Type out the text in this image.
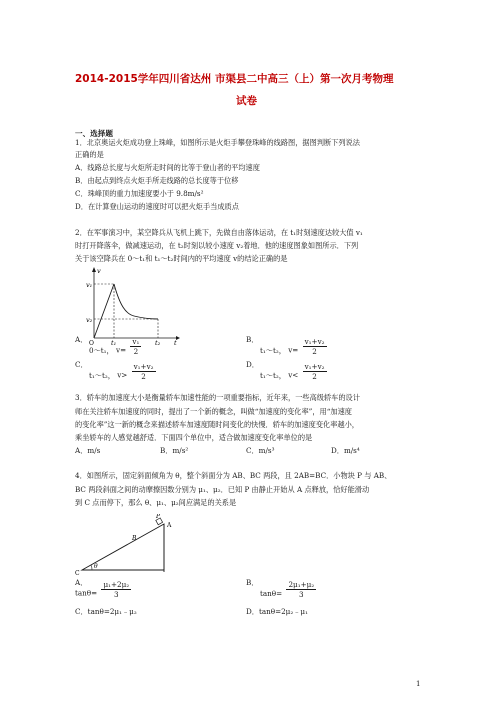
2014-2015学年四川省达州 市渠县二中高三（上）第一次月考物理
试卷
一、选择题
1．北京奥运火炬成功登上珠峰，如图所示是火炬手攀登珠峰的线路图，据图判断下列说法
正确的是
A．线路总长度与火炬所走时间的比等于登山者的平均速度
B．由起点到终点火炬手所走线路的总长度等于位移
C．珠峰顶的重力加速度要小于 9.8m/s²
D．在计算登山运动的速度时可以把火炬手当成质点
2．在军事演习中，某空降兵从飞机上跳下，先做自由落体运动，在 t₁时刻速度达较大值 v₁
时打开降落伞，做减速运动，在 t₂时刻以较小速度 v₂着地．他的速度图象如图所示．下列
关于该空降兵在 0～t₁和 t₁～t₂时间内的平均速度 v的结论正确的是
v
v₁
v₂
O	t₁	t₂ t
A．
0～t₁， $v= \frac{\text{v₁}}{2}$	B．
t₁～t₂， $v= \frac{\text{v₁+v₂}}{2}$
C．
t₁～t₂， $v> \frac{\text{v₁+v₂}}{2}$	D．
t₁～t₂， $v< \frac{\text{v₁+v₂}}{2}$
3．轿车的加速度大小是衡量轿车加速性能的一项重要指标，近年来，一些高级轿车的设计
师在关注轿车加速度的同时，提出了一个新的概念，叫做“加速度的变化率”，用“加速度
的变化率”这一新的概念来描述轿车加速度随时间变化的快慢．轿车的加速度变化率越小，
乘坐轿车的人感觉越舒适．下面四个单位中，适合做加速度变化率单位的是
A．m/s	B．m/s²	C．m/s³	D．m/s⁴
4．如图所示，固定斜面倾角为 θ，整个斜面分为 AB、BC 两段，且 2AB=BC．小物块 P 与 AB、
BC 两段斜面之间的动摩擦因数分别为 μ₁、μ₂．已知 P 由静止开始从 A 点释放，恰好能滑动
到 C 点而停下，那么 θ、μ₁、μ₂间应满足的关系是
P
A
B
C
θ
A．
$\tan\theta= \frac{\text{μ₁+2μ₂}}{3}$	B．
$\tan\theta= \frac{\text{2μ₁+μ₂}}{3}$
C．tanθ=2μ₁﹣μ₂	D．tanθ=2μ₂﹣μ₁
1
